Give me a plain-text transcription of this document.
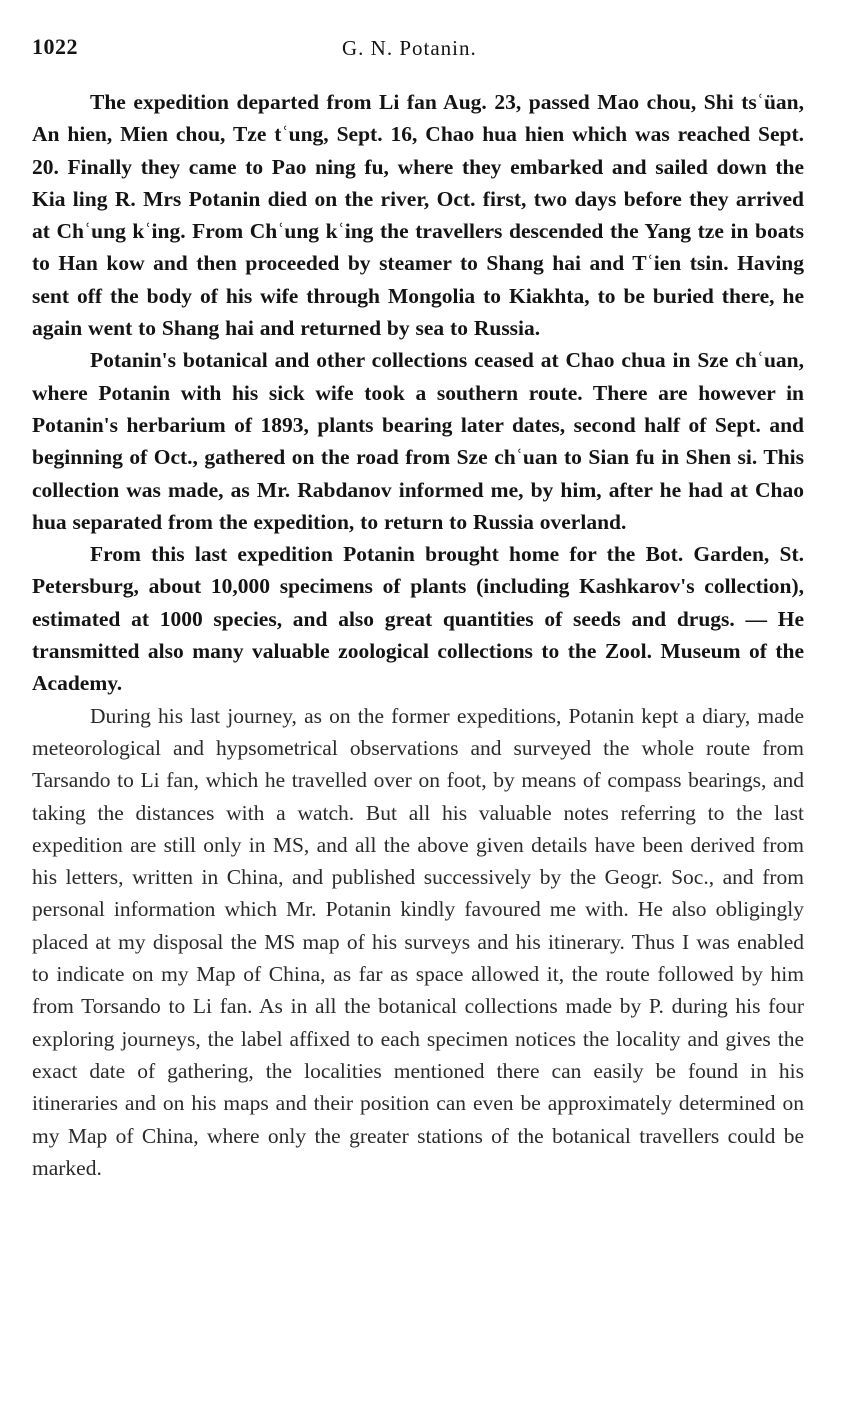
1022	G. N. Potanin.

The expedition departed from Li fan Aug. 23, passed Mao chou, Shi tsʿüan, An hien, Mien chou, Tze tʿung, Sept. 16, Chao hua hien which was reached Sept. 20. Finally they came to Pao ning fu, where they embarked and sailed down the Kia ling R. Mrs Potanin died on the river, Oct. first, two days before they arrived at Chʿung kʿing. From Chʿung kʿing the travellers descended the Yang tze in boats to Han kow and then proceeded by steamer to Shang hai and Tʿien tsin. Having sent off the body of his wife through Mongolia to Kiakhta, to be buried there, he again went to Shang hai and returned by sea to Russia.

Potanin's botanical and other collections ceased at Chao chua in Sze chʿuan, where Potanin with his sick wife took a southern route. There are however in Potanin's herbarium of 1893, plants bearing later dates, second half of Sept. and beginning of Oct., gathered on the road from Sze chʿuan to Sian fu in Shen si. This collection was made, as Mr. Rabdanov informed me, by him, after he had at Chao hua separated from the expedition, to return to Russia overland.

From this last expedition Potanin brought home for the Bot. Garden, St. Petersburg, about 10,000 specimens of plants (including Kashkarov's collection), estimated at 1000 species, and also great quantities of seeds and drugs. — He transmitted also many valuable zoological collections to the Zool. Museum of the Academy.

During his last journey, as on the former expeditions, Potanin kept a diary, made meteorological and hypsometrical observations and surveyed the whole route from Tarsando to Li fan, which he travelled over on foot, by means of compass bearings, and taking the distances with a watch. But all his valuable notes referring to the last expedition are still only in MS, and all the above given details have been derived from his letters, written in China, and published successively by the Geogr. Soc., and from personal information which Mr. Potanin kindly favoured me with. He also obligingly placed at my disposal the MS map of his surveys and his itinerary. Thus I was enabled to indicate on my Map of China, as far as space allowed it, the route followed by him from Torsando to Li fan. As in all the botanical collections made by P. during his four exploring journeys, the label affixed to each specimen notices the locality and gives the exact date of gathering, the localities mentioned there can easily be found in his itineraries and on his maps and their position can even be approximately determined on my Map of China, where only the greater stations of the botanical travellers could be marked.
